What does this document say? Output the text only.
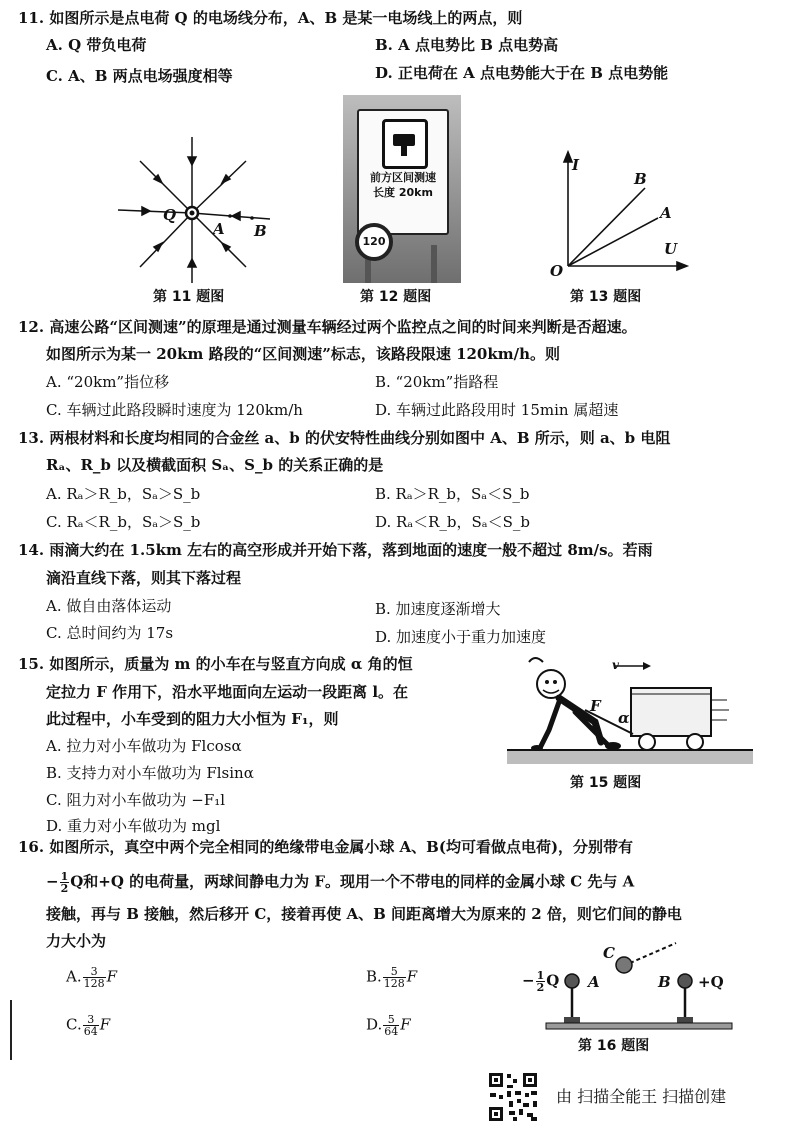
11. 如图所示是点电荷 Q 的电场线分布，A、B 是某一电场线上的两点，则
A. Q 带负电荷	B. A 点电势比 B 点电势高
C. A、B 两点电场强度相等	D. 正电荷在 A 点电势能大于在 B 点电势能
Q
A B
第 11 题图
前方区间测速
长度 20km
120
第 12 题图
I
U
O
B
A
第 13 题图
12. 高速公路“区间测速”的原理是通过测量车辆经过两个监控点之间的时间来判断是否超速。
如图所示为某一 20km 路段的“区间测速”标志，该路段限速 120km/h。则
A. “20km”指位移	B. “20km”指路程
C. 车辆过此路段瞬时速度为 120km/h	D. 车辆过此路段用时 15min 属超速
13. 两根材料和长度均相同的合金丝 a、b 的伏安特性曲线分别如图中 A、B 所示，则 a、b 电阻
Rₐ、R_b 以及横截面积 Sₐ、S_b 的关系正确的是
A. Rₐ＞R_b，Sₐ＞S_b	B. Rₐ＞R_b，Sₐ＜S_b
C. Rₐ＜R_b，Sₐ＞S_b	D. Rₐ＜R_b，Sₐ＜S_b
14. 雨滴大约在 1.5km 左右的高空形成并开始下落，落到地面的速度一般不超过 8m/s。若雨
滴沿直线下落，则其下落过程
A. 做自由落体运动	B. 加速度逐渐增大
C. 总时间约为 17s	D. 加速度小于重力加速度
15. 如图所示，质量为 m 的小车在与竖直方向成 α 角的恒
定拉力 F 作用下，沿水平地面向左运动一段距离 l。在
此过程中，小车受到的阻力大小恒为 F₁，则
A. 拉力对小车做功为 Flcosα
B. 支持力对小车做功为 Flsinα
C. 阻力对小车做功为 −F₁l
D. 重力对小车做功为 mgl
v
F
α
第 15 题图
16. 如图所示，真空中两个完全相同的绝缘带电金属小球 A、B(均可看做点电荷)，分别带有
− $\frac{1}{2}$ Q和+Q 的电荷量，两球间静电力为 F。现用一个不带电的同样的金属小球 C 先与 A
接触，再与 B 接触，然后移开 C，接着再使 A、B 间距离增大为原来的 2 倍，则它们间的静电
力大小为
A. $\frac{3}{128}$ F	B. $\frac{5}{128}$ F
C. $\frac{3}{64}$ F	D. $\frac{5}{64}$ F
C
− $\frac{1}{2}$ Q A	B +Q
第 16 题图
由 扫描全能王 扫描创建
